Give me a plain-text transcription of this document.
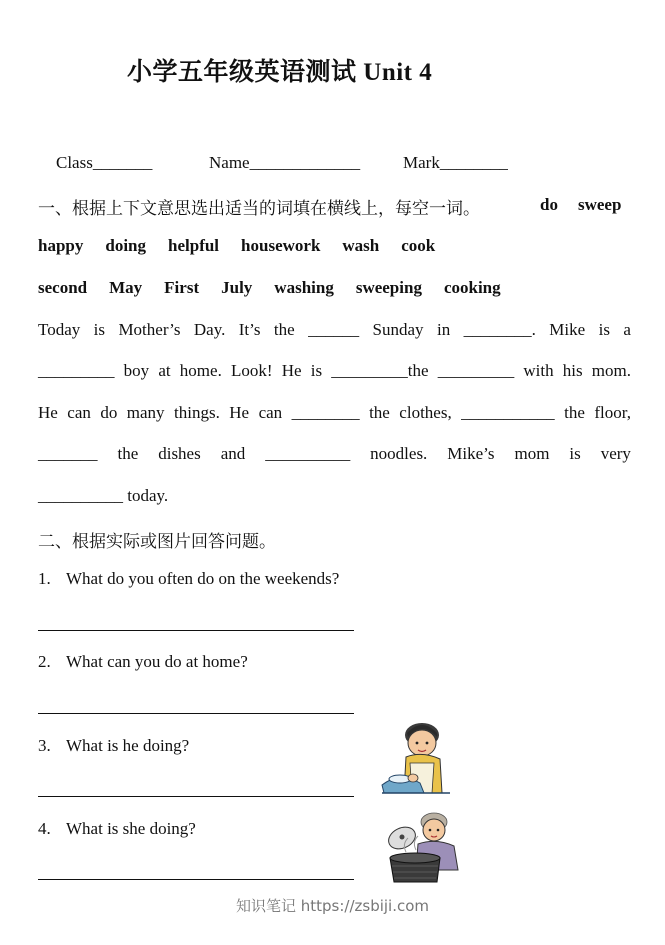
小学五年级英语测试 Unit 4
Class_______	Name_____________	Mark________
一、根据上下文意思选出适当的词填在横线上，每空一词。	do sweep
happy doing helpful housework wash cook
second May First July washing sweeping cooking
Today is Mother’s Day. It’s the ______ Sunday in ________. Mike is a
_________ boy at home. Look! He is _________the _________ with his mom.
He can do many things. He can ________ the clothes, ___________ the floor,
_______ the dishes and __________ noodles. Mike’s mom is very
__________ today.
二、根据实际或图片回答问题。
1. What do you often do on the weekends?
2. What can you do at home?
3. What is he doing?
4. What is she doing?
知识笔记 https://zsbiji.com
